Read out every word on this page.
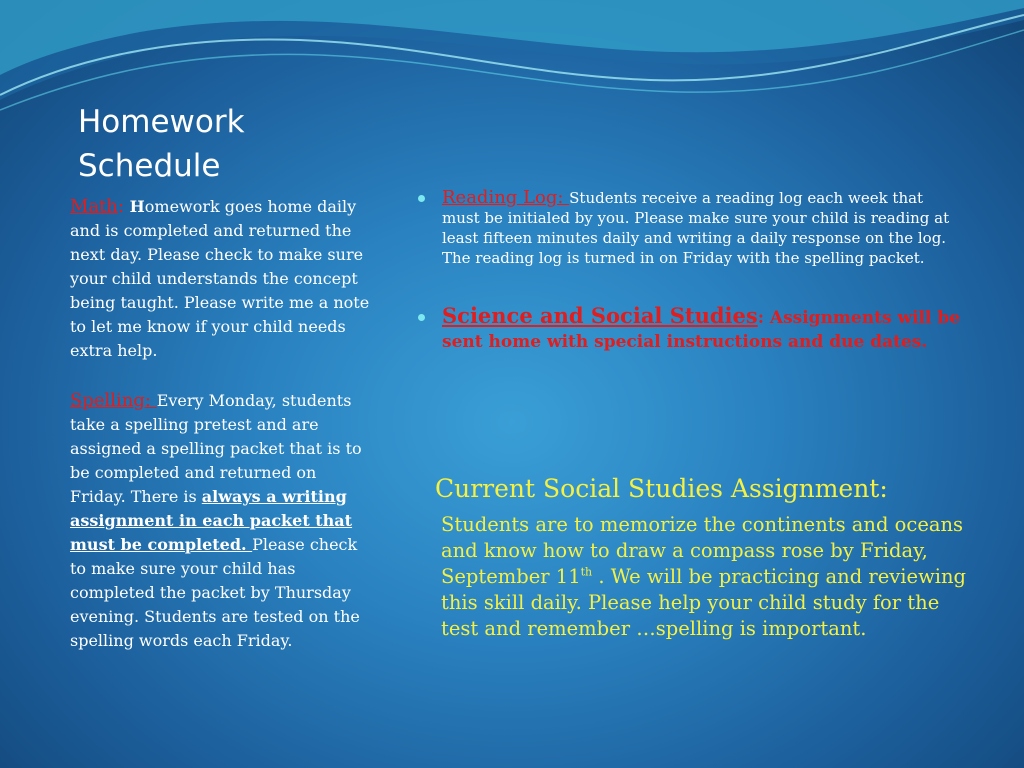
Homework
Schedule

Math: Homework goes home daily and is completed and returned the next day. Please check to make sure your child understands the concept being taught. Please write me a note to let me know if your child needs extra help.

Spelling: Every Monday, students take a spelling pretest and are assigned a spelling packet that is to be completed and returned on Friday. There is always a writing assignment in each packet that must be completed. Please check to make sure your child has completed the packet by Thursday evening. Students are tested on the spelling words each Friday.

Reading Log: Students receive a reading log each week that must be initialed by you. Please make sure your child is reading at least fifteen minutes daily and writing a daily response on the log. The reading log is turned in on Friday with the spelling packet.
Science and Social Studies: Assignments will be sent home with special instructions and due dates.
Current Social Studies Assignment:
Students are to memorize the continents and oceans and know how to draw a compass rose by Friday, September 11th . We will be practicing and reviewing this skill daily. Please help your child study for the test and remember …spelling is important.
